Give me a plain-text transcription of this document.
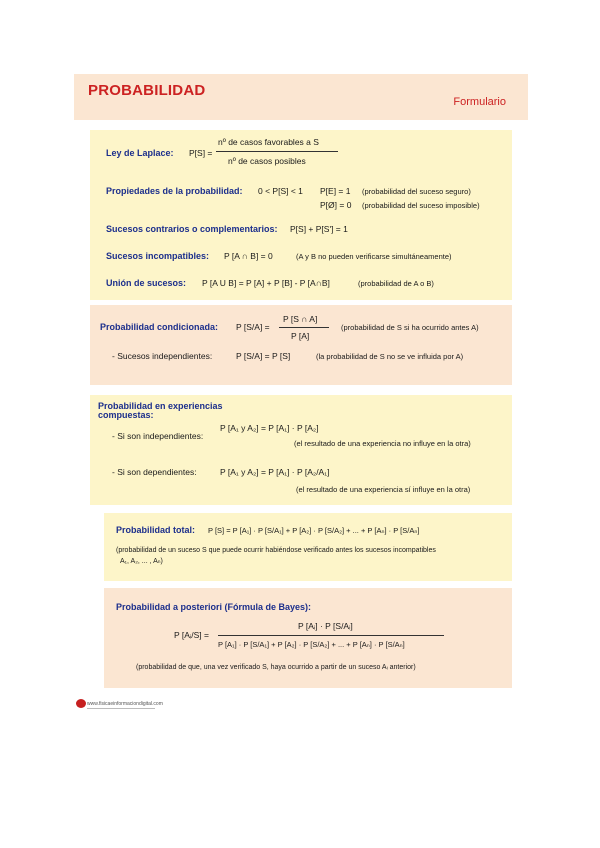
PROBABILIDAD
Formulario
Ley de Laplace: P[S] =
nº de casos favorables a S
nº de casos posibles
Propiedades de la probabilidad: 0 < P[S] < 1 P[E] = 1 (probabilidad del suceso seguro)
P[Ø] = 0 (probabilidad del suceso imposible)
Sucesos contrarios o complementarios: P[S] + P[S'] = 1
Sucesos incompatibles: P [A ∩ B] = 0	(A y B no pueden verificarse simultáneamente)
Unión de sucesos: P [A U B] = P [A] + P [B] - P [A∩B]	(probabilidad de A o B)
Probabilidad condicionada: P [S/A] =
P [S ∩ A]
P [A]
(probabilidad de S si ha ocurrido antes A)
- Sucesos independientes:	P [S/A] = P [S]	(la probabilidad de S no se ve influida por A)
Probabilidad en experiencias
compuestas:
- Si son independientes:
P [A₁ y A₂] = P [A₁] · P [A₂]
(el resultado de una experiencia no influye en la otra)
- Si son dependientes:	P [A₁ y A₂] = P [A₁] · P [A₂/A₁]
(el resultado de una experiencia sí influye en la otra)
Probabilidad total: P [S] = P [A₁] · P [S/A₁] + P [A₂] · P [S/A₂] + ... + P [Aₙ] · P [S/Aₙ]
(probabilidad de un suceso S que puede ocurrir habiéndose verificado antes los sucesos incompatibles
A₁, A₂, ... , Aₙ)
Probabilidad a posteriori (Fórmula de Bayes):
P [Aᵢ/S] =
P [Aᵢ] · P [S/Aᵢ]
P [A₁] · P [S/A₁] + P [A₂] · P [S/A₂] + ... + P [Aₙ] · P [S/Aₙ]
(probabilidad de que, una vez verificado S, haya ocurrido a partir de un suceso Aᵢ anterior)
www.fisicaeinformaciondigital.com
